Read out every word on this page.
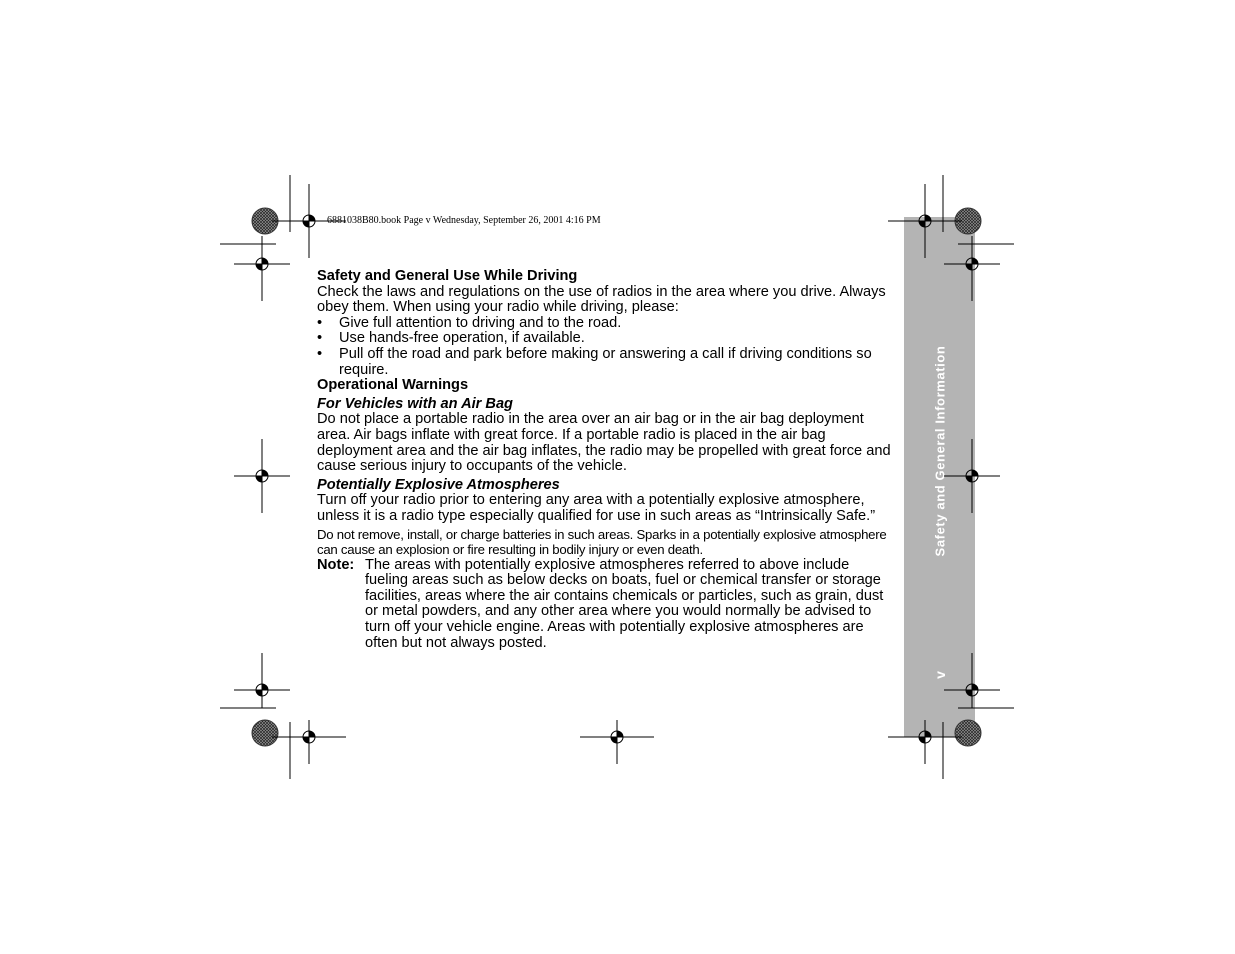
6881038B80.book Page v Wednesday, September 26, 2001 4:16 PM
Safety and General Information
v

Safety and General Use While Driving

Check the laws and regulations on the use of radios in the area where you drive. Always obey them. When using your radio while driving, please:

• Give full attention to driving and to the road.
• Use hands-free operation, if available.
• Pull off the road and park before making or answering a call if driving conditions so require.

Operational Warnings

For Vehicles with an Air Bag

Do not place a portable radio in the area over an air bag or in the air bag deployment area. Air bags inflate with great force. If a portable radio is placed in the air bag deployment area and the air bag inflates, the radio may be propelled with great force and cause serious injury to occupants of the vehicle.

Potentially Explosive Atmospheres

Turn off your radio prior to entering any area with a potentially explosive atmosphere, unless it is a radio type especially qualified for use in such areas as “Intrinsically Safe.”

Do not remove, install, or charge batteries in such areas. Sparks in a potentially explosive atmosphere can cause an explosion or fire resulting in bodily injury or even death.

Note: The areas with potentially explosive atmospheres referred to above include fueling areas such as below decks on boats, fuel or chemical transfer or storage facilities, areas where the air contains chemicals or particles, such as grain, dust or metal powders, and any other area where you would normally be advised to turn off your vehicle engine. Areas with potentially explosive atmospheres are often but not always posted.
